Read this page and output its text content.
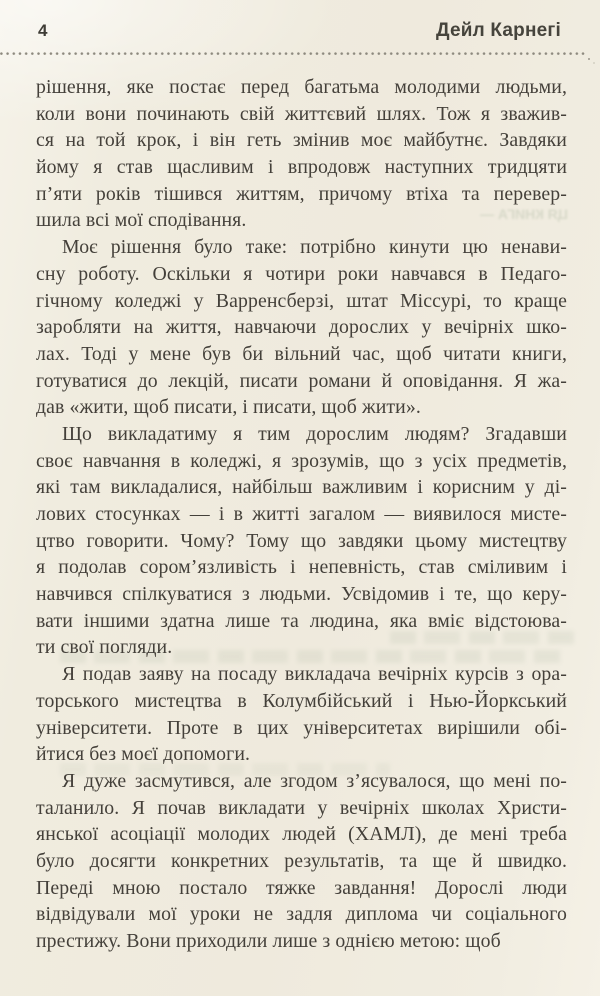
4	Дейл Карнегі
ЦЯ КНИГА —
рішення, яке постає перед багатьма молодими людьми,
коли вони починають свій життєвий шлях. Тож я зважив-
ся на той крок, і він геть змінив моє майбутнє. Завдяки
йому я став щасливим і впродовж наступних тридцяти
п’яти років тішився життям, причому втіха та перевер-
шила всі мої сподівання.
Моє рішення було таке: потрібно кинути цю ненави-
сну роботу. Оскільки я чотири роки навчався в Педаго-
гічному коледжі у Варренсберзі, штат Міссурі, то краще
заробляти на життя, навчаючи дорослих у вечірніх шко-
лах. Тоді у мене був би вільний час, щоб читати книги,
готуватися до лекцій, писати романи й оповідання. Я жа-
дав «жити, щоб писати, і писати, щоб жити».
Що викладатиму я тим дорослим людям? Згадавши
своє навчання в коледжі, я зрозумів, що з усіх предметів,
які там викладалися, найбільш важливим і корисним у ді-
лових стосунках — і в житті загалом — виявилося мисте-
цтво говорити. Чому? Тому що завдяки цьому мистецтву
я подолав сором’язливість і непевність, став сміливим і
навчився спілкуватися з людьми. Усвідомив і те, що керу-
вати іншими здатна лише та людина, яка вміє відстоюва-
ти свої погляди.
Я подав заяву на посаду викладача вечірніх курсів з ора-
торського мистецтва в Колумбійський і Нью-Йоркський
університети. Проте в цих університетах вирішили обі-
йтися без моєї допомоги.
Я дуже засмутився, але згодом з’ясувалося, що мені по-
таланило. Я почав викладати у вечірніх школах Христи-
янської асоціації молодих людей (ХАМЛ), де мені треба
було досягти конкретних результатів, та ще й швидко.
Переді мною постало тяжке завдання! Дорослі люди
відвідували мої уроки не задля диплома чи соціального
престижу. Вони приходили лише з однією метою: щоб
